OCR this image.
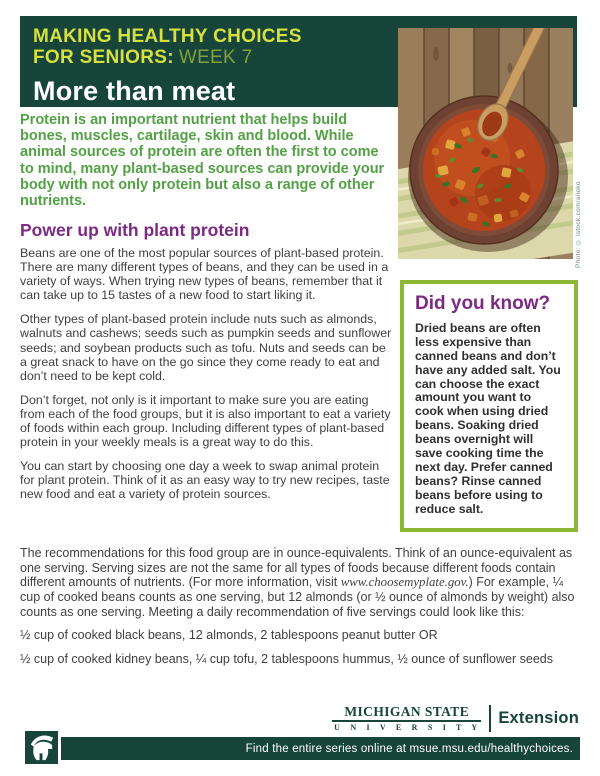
MAKING HEALTHY CHOICES
FOR SENIORS: WEEK 7
More than meat
Photo: © istock.com/alleko

Protein is an important nutrient that helps build bones, muscles, cartilage, skin and blood. While animal sources of protein are often the first to come to mind, many plant-based sources can provide your body with not only protein but also a range of other nutrients.

Power up with plant protein

Beans are one of the most popular sources of plant-based protein. There are many different types of beans, and they can be used in a variety of ways. When trying new types of beans, remember that it can take up to 15 tastes of a new food to start liking it.

Other types of plant-based protein include nuts such as almonds, walnuts and cashews; seeds such as pumpkin seeds and sunflower seeds; and soybean products such as tofu. Nuts and seeds can be a great snack to have on the go since they come ready to eat and don’t need to be kept cold.

Don’t forget, not only is it important to make sure you are eating from each of the food groups, but it is also important to eat a variety of foods within each group. Including different types of plant-based protein in your weekly meals is a great way to do this.

You can start by choosing one day a week to swap animal protein for plant protein. Think of it as an easy way to try new recipes, taste new food and eat a variety of protein sources.

Did you know?

Dried beans are often less expensive than canned beans and don’t have any added salt. You can choose the exact amount you want to cook when using dried beans. Soaking dried beans overnight will save cooking time the next day. Prefer canned beans? Rinse canned beans before using to reduce salt.

The recommendations for this food group are in ounce-equivalents. Think of an ounce-equivalent as one serving. Serving sizes are not the same for all types of foods because different foods contain different amounts of nutrients. (For more information, visit www.choosemyplate.gov.) For example, ¼ cup of cooked beans counts as one serving, but 12 almonds (or ½ ounce of almonds by weight) also counts as one serving. Meeting a daily recommendation of five servings could look like this:

½ cup of cooked black beans, 12 almonds, 2 tablespoons peanut butter OR

½ cup of cooked kidney beans, ¼ cup tofu, 2 tablespoons hummus, ½ ounce of sunflower seeds

MICHIGAN STATE
U N I V E R S I T Y
Extension
Find the entire series online at msue.msu.edu/healthychoices.
